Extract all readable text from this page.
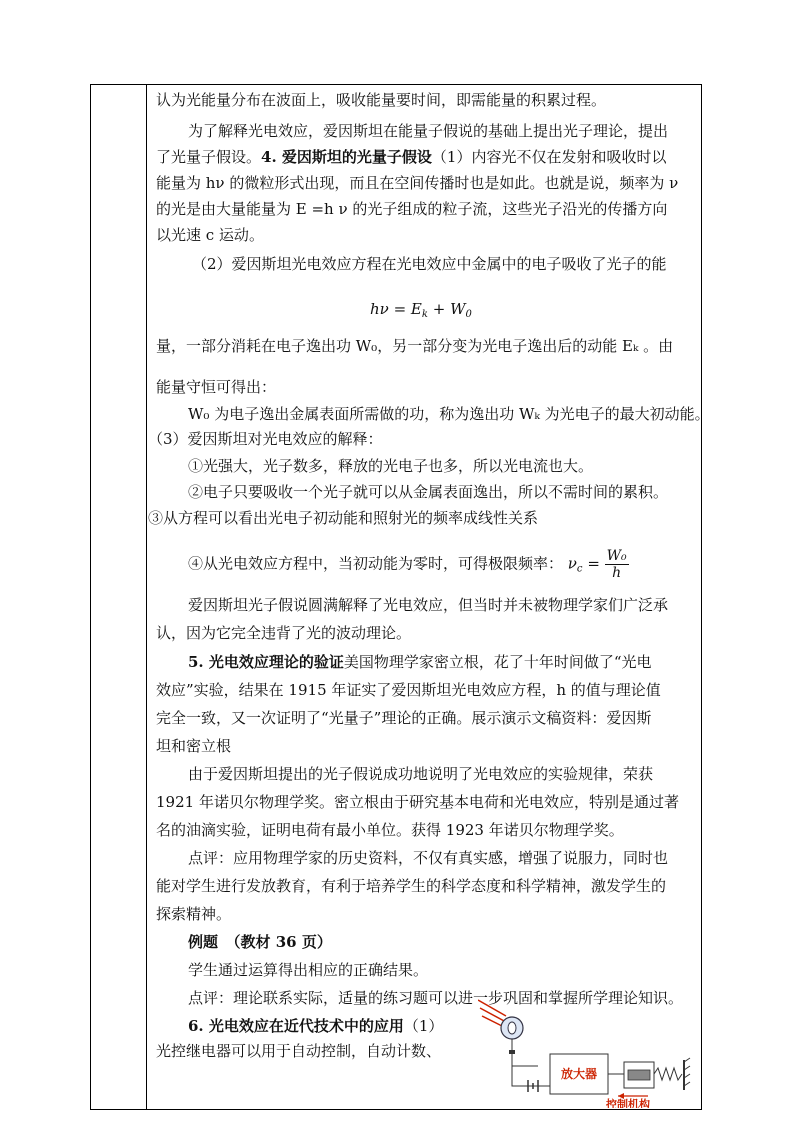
认为光能量分布在波面上，吸收能量要时间，即需能量的积累过程。
为了解释光电效应，爱因斯坦在能量子假说的基础上提出光子理论，提出
了光量子假设。4. 爱因斯坦的光量子假设（1）内容光不仅在发射和吸收时以
能量为 hν 的微粒形式出现，而且在空间传播时也是如此。也就是说，频率为 ν
的光是由大量能量为 E =h ν 的光子组成的粒子流，这些光子沿光的传播方向
以光速 c 运动。
（2）爱因斯坦光电效应方程在光电效应中金属中的电子吸收了光子的能
$h\nu = E_k + W_0$
量，一部分消耗在电子逸出功 W₀，另一部分变为光电子逸出后的动能 Eₖ 。由
能量守恒可得出：
W₀ 为电子逸出金属表面所需做的功，称为逸出功 Wₖ 为光电子的最大初动能。
（3）爱因斯坦对光电效应的解释：
①光强大，光子数多，释放的光电子也多，所以光电流也大。
②电子只要吸收一个光子就可以从金属表面逸出，所以不需时间的累积。
③从方程可以看出光电子初动能和照射光的频率成线性关系
④从光电效应方程中，当初动能为零时，可得极限频率： $\nu_c = \frac{\text{W₀}}{h}$
爱因斯坦光子假说圆满解释了光电效应，但当时并未被物理学家们广泛承
认，因为它完全违背了光的波动理论。
5. 光电效应理论的验证美国物理学家密立根，花了十年时间做了“光电
效应”实验，结果在 1915 年证实了爱因斯坦光电效应方程，h 的值与理论值
完全一致，又一次证明了“光量子”理论的正确。展示演示文稿资料：爱因斯
坦和密立根
由于爱因斯坦提出的光子假说成功地说明了光电效应的实验规律，荣获
1921 年诺贝尔物理学奖。密立根由于研究基本电荷和光电效应，特别是通过著
名的油滴实验，证明电荷有最小单位。获得 1923 年诺贝尔物理学奖。
点评：应用物理学家的历史资料，不仅有真实感，增强了说服力，同时也
能对学生进行发放教育，有利于培养学生的科学态度和科学精神，激发学生的
探索精神。
例题　（教材 36 页）
学生通过运算得出相应的正确结果。
点评：理论联系实际，适量的练习题可以进一步巩固和掌握所学理论知识。
6. 光电效应在近代技术中的应用（1）
光控继电器可以用于自动控制，自动计数、
放大器
控制机构
